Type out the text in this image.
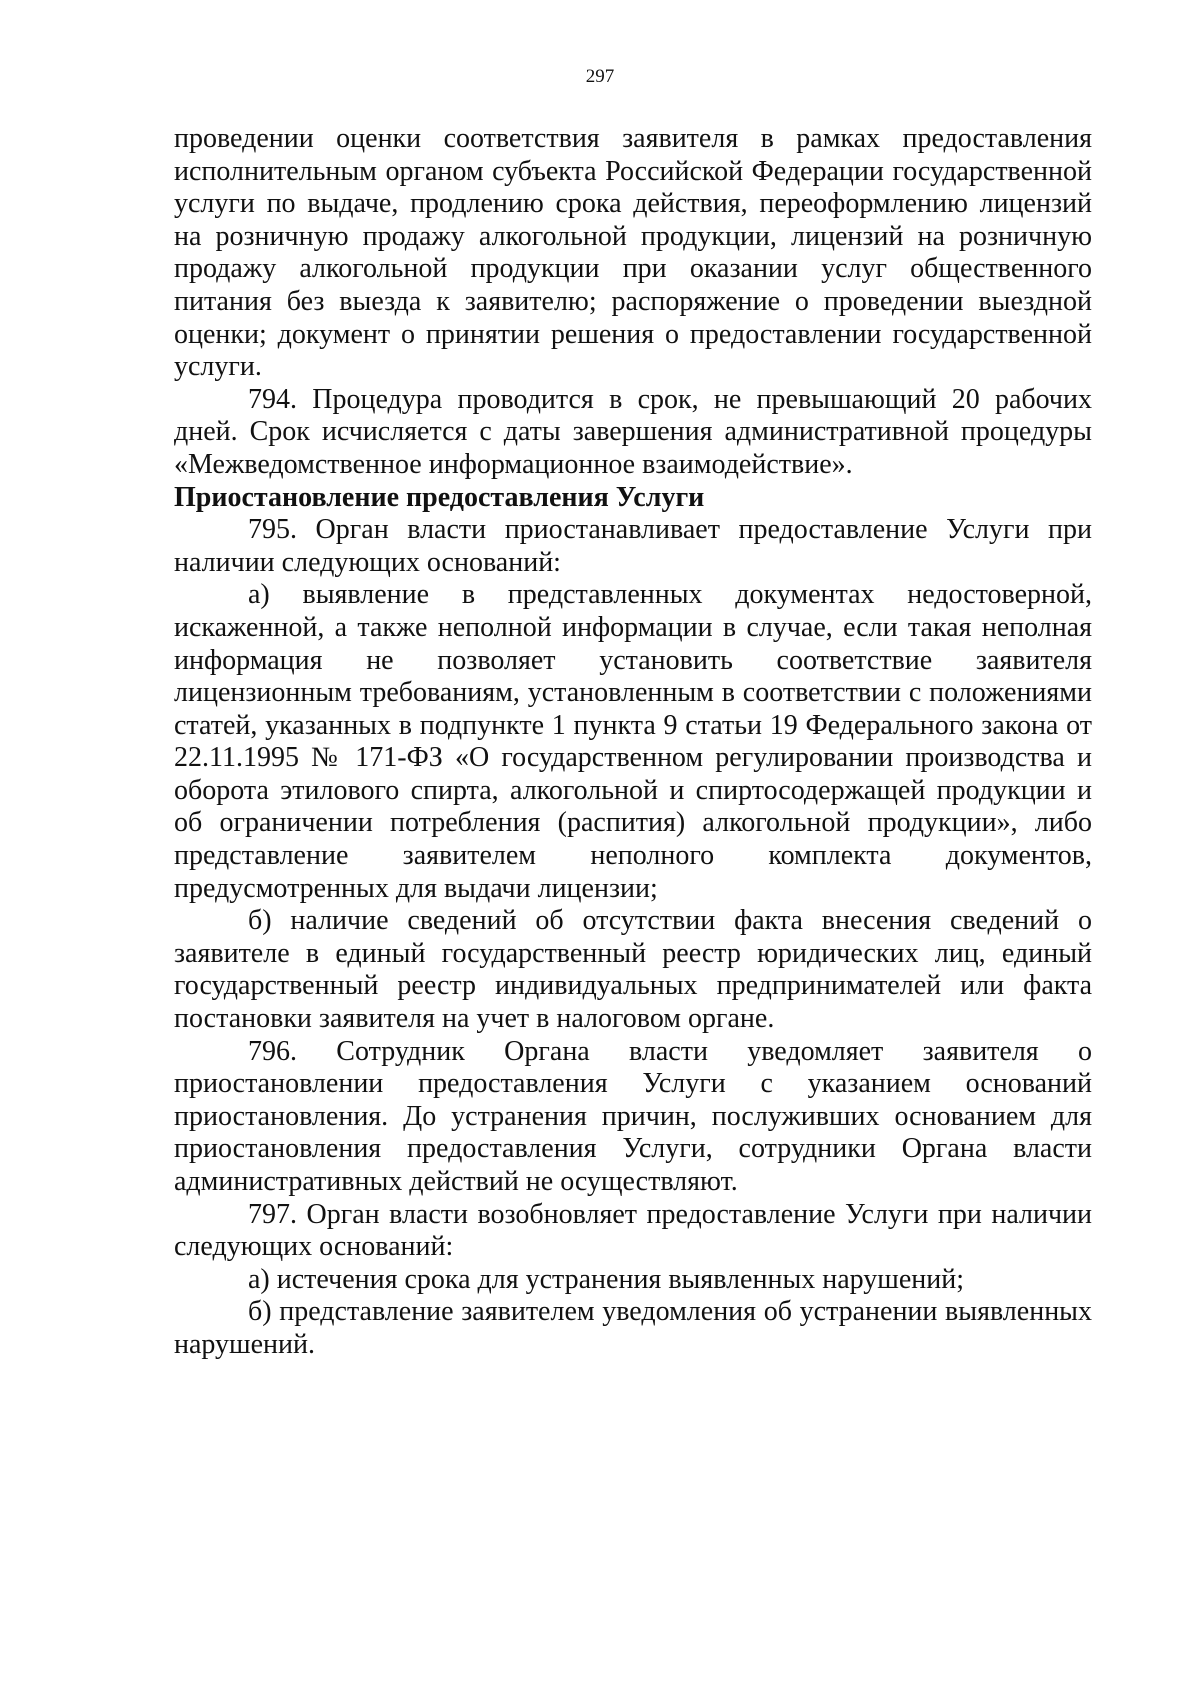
297

проведении оценки соответствия заявителя в рамках предоставления исполнительным органом субъекта Российской Федерации государственной услуги по выдаче, продлению срока действия, переоформлению лицензий на розничную продажу алкогольной продукции, лицензий на розничную продажу алкогольной продукции при оказании услуг общественного питания без выезда к заявителю; распоряжение о проведении выездной оценки; документ о принятии решения о предоставлении государственной услуги.

794. Процедура проводится в срок, не превышающий 20 рабочих дней. Срок исчисляется с даты завершения административной процедуры «Межведомственное информационное взаимодействие».

Приостановление предоставления Услуги

795. Орган власти приостанавливает предоставление Услуги при наличии следующих оснований:

а) выявление в представленных документах недостоверной, искаженной, а также неполной информации в случае, если такая неполная информация не позволяет установить соответствие заявителя лицензионным требованиям, установленным в соответствии с положениями статей, указанных в подпункте 1 пункта 9 статьи 19 Федерального закона от 22.11.1995 № 171-ФЗ «О государственном регулировании производства и оборота этилового спирта, алкогольной и спиртосодержащей продукции и об ограничении потребления (распития) алкогольной продукции», либо представление заявителем неполного комплекта документов, предусмотренных для выдачи лицензии;

б) наличие сведений об отсутствии факта внесения сведений о заявителе в единый государственный реестр юридических лиц, единый государственный реестр индивидуальных предпринимателей или факта постановки заявителя на учет в налоговом органе.

796. Сотрудник Органа власти уведомляет заявителя о приостановлении предоставления Услуги с указанием оснований приостановления. До устранения причин, послуживших основанием для приостановления предоставления Услуги, сотрудники Органа власти административных действий не осуществляют.

797. Орган власти возобновляет предоставление Услуги при наличии следующих оснований:

а) истечения срока для устранения выявленных нарушений;

б) представление заявителем уведомления об устранении выявленных нарушений.
